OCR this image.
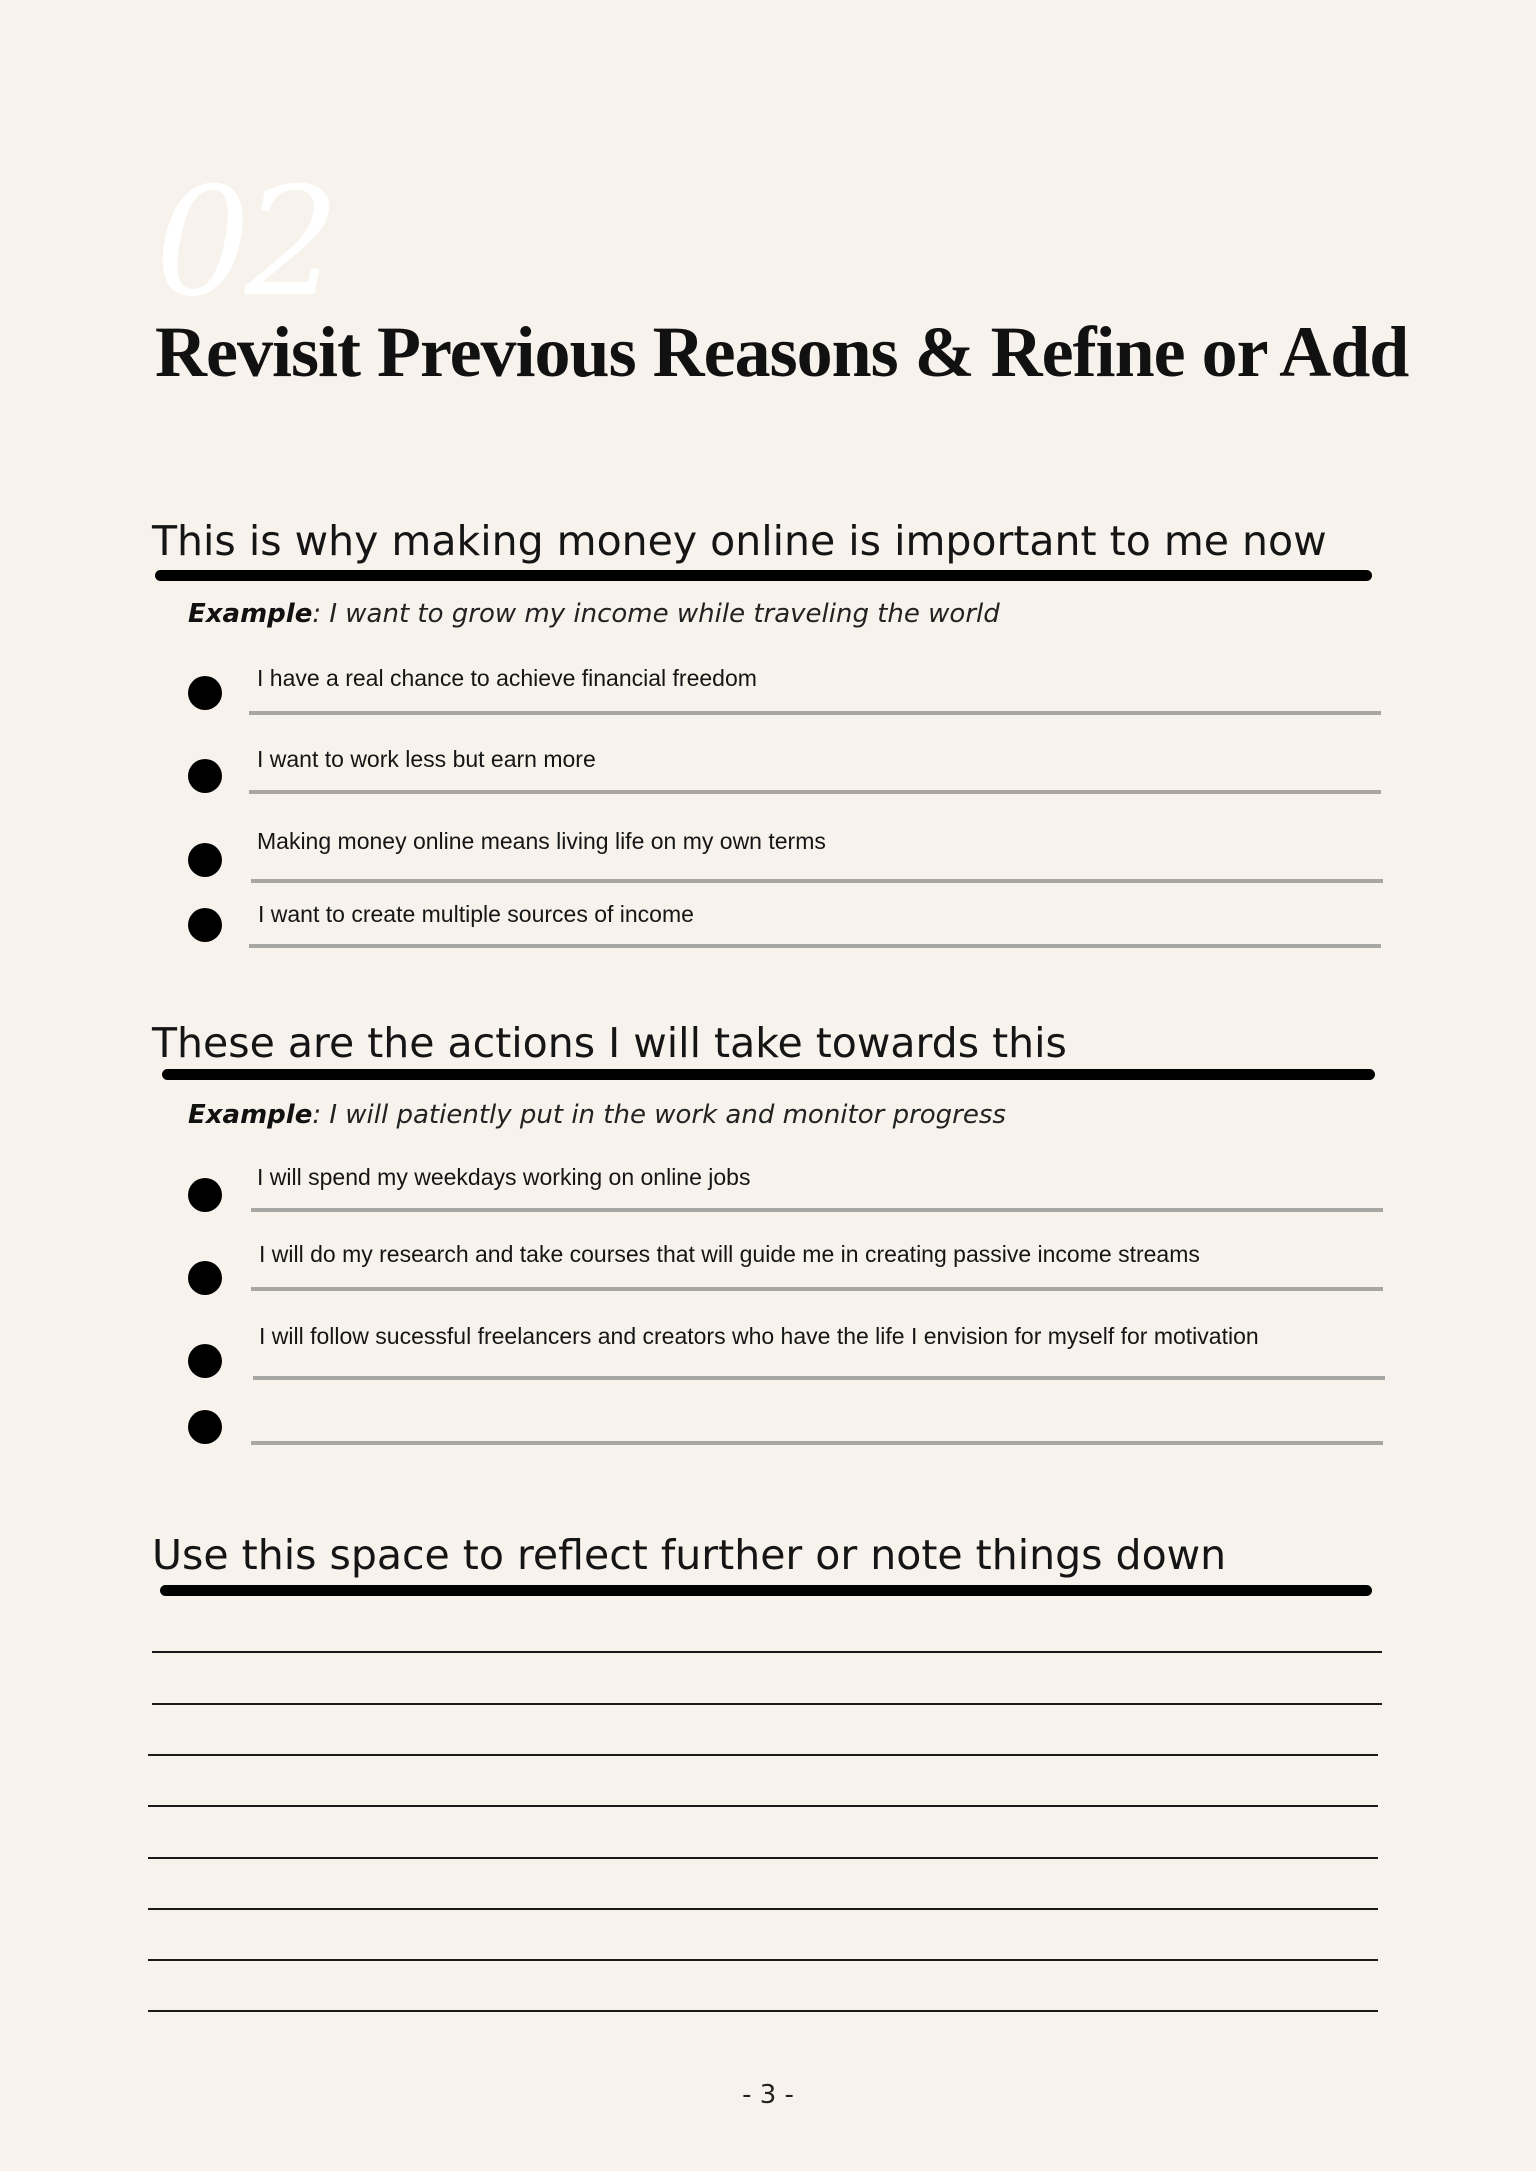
02
Revisit Previous Reasons & Refine or Add
This is why making money online is important to me now
Example: I want to grow my income while traveling the world
I have a real chance to achieve financial freedom
I want to work less but earn more
Making money online means living life on my own terms
I want to create multiple sources of income
These are the actions I will take towards this
Example: I will patiently put in the work and monitor progress
I will spend my weekdays working on online jobs
I will do my research and take courses that will guide me in creating passive income streams
I will follow sucessful freelancers and creators who have the life I envision for myself for motivation
Use this space to reflect further or note things down
- 3 -
